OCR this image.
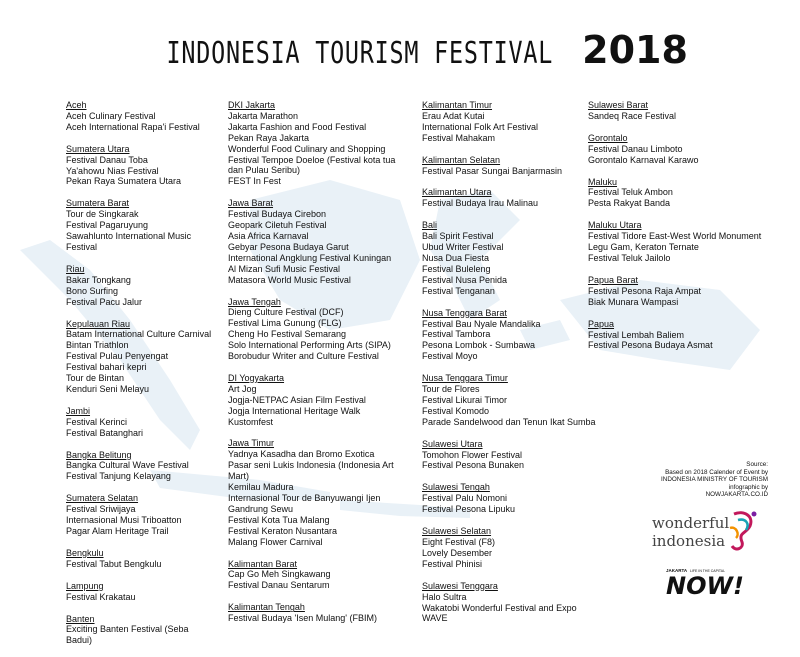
INDONESIA TOURISM FESTIVAL 2018
Aceh
Aceh Culinary Festival
Aceh International Rapa'i Festival
Sumatera Utara
Festival Danau Toba
Ya'ahowu Nias Festival
Pekan Raya Sumatera Utara
Sumatera Barat
Tour de Singkarak
Festival Pagaruyung
Sawahlunto International Music Festival
Riau
Bakar Tongkang
Bono Surfing
Festival Pacu Jalur
Kepulauan Riau
Batam International Culture Carnival
Bintan Triathlon
Festival Pulau Penyengat
Festival bahari kepri
Tour de Bintan
Kenduri Seni Melayu
Jambi
Festival Kerinci
Festival Batanghari
Bangka Belitung
Bangka Cultural Wave Festival
Festival Tanjung Kelayang
Sumatera Selatan
Festival Sriwijaya
Internasional Musi Triboatton
Pagar Alam Heritage Trail
Bengkulu
Festival Tabut Bengkulu
Lampung
Festival Krakatau
Banten
Exciting Banten Festival (Seba Badui)
DKI Jakarta
Jakarta Marathon
Jakarta Fashion and Food Festival
Pekan Raya Jakarta
Wonderful Food Culinary and Shopping
Festival Tempoe Doeloe (Festival kota tua dan Pulau Seribu)
FEST In Fest
Jawa Barat
Festival Budaya Cirebon
Geopark Ciletuh Festival
Asia Africa Karnaval
Gebyar Pesona Budaya Garut
International Angklung Festival Kuningan
Al Mizan Sufi Music Festival
Matasora World Music Festival
Jawa Tengah
Dieng Culture Festival (DCF)
Festival Lima Gunung (FLG)
Cheng Ho Festival Semarang
Solo International Performing Arts (SIPA)
Borobudur Writer and Culture Festival
DI Yogyakarta
Art Jog
Jogja-NETPAC Asian Film Festival
Jogja International Heritage Walk
Kustomfest
Jawa Timur
Yadnya Kasadha dan Bromo Exotica
Pasar seni Lukis Indonesia (Indonesia Art Mart)
Kemilau Madura
Internasional Tour de Banyuwangi Ijen
Gandrung Sewu
Festival Kota Tua Malang
Festival Keraton Nusantara
Malang Flower Carnival
Kalimantan Barat
Cap Go Meh Singkawang
Festival Danau Sentarum
Kalimantan Tengah
Festival Budaya 'Isen Mulang' (FBIM)
Kalimantan Timur
Erau Adat Kutai
International Folk Art Festival
Festival Mahakam
Kalimantan Selatan
Festival Pasar Sungai Banjarmasin
Kalimantan Utara
Festival Budaya Irau Malinau
Bali
Bali Spirit Festival
Ubud Writer Festival
Nusa Dua Fiesta
Festival Buleleng
Festival Nusa Penida
Festival Tenganan
Nusa Tenggara Barat
Festival Bau Nyale Mandalika
Festival Tambora
Pesona Lombok - Sumbawa
Festival Moyo
Nusa Tenggara Timur
Tour de Flores
Festival Likurai Timor
Festival Komodo
Parade Sandelwood dan Tenun Ikat Sumba
Sulawesi Utara
Tomohon Flower Festival
Festival Pesona Bunaken
Sulawesi Tengah
Festival Palu Nomoni
Festival Pesona Lipuku
Sulawesi Selatan
Eight Festival (F8)
Lovely Desember
Festival Phinisi
Sulawesi Tenggara
Halo Sultra
Wakatobi Wonderful Festival and Expo WAVE
Sulawesi Barat
Sandeq Race Festival
Gorontalo
Festival Danau Limboto
Gorontalo Karnaval Karawo
Maluku
Festival Teluk Ambon
Pesta Rakyat Banda
Maluku Utara
Festival Tidore East-West World Monument
Legu Gam, Keraton Ternate
Festival Teluk Jailolo
Papua Barat
Festival Pesona Raja Ampat
Biak Munara Wampasi
Papua
Festival Lembah Baliem
Festival Pesona Budaya Asmat
Source:
Based on 2018 Calender of Event by
INDONESIA MINISTRY OF TOURISM
infographic by
NOWJAKARTA.CO.ID
wonderful
indonesia
JAKARTA LIFE IN THE CAPITAL
NOW!
